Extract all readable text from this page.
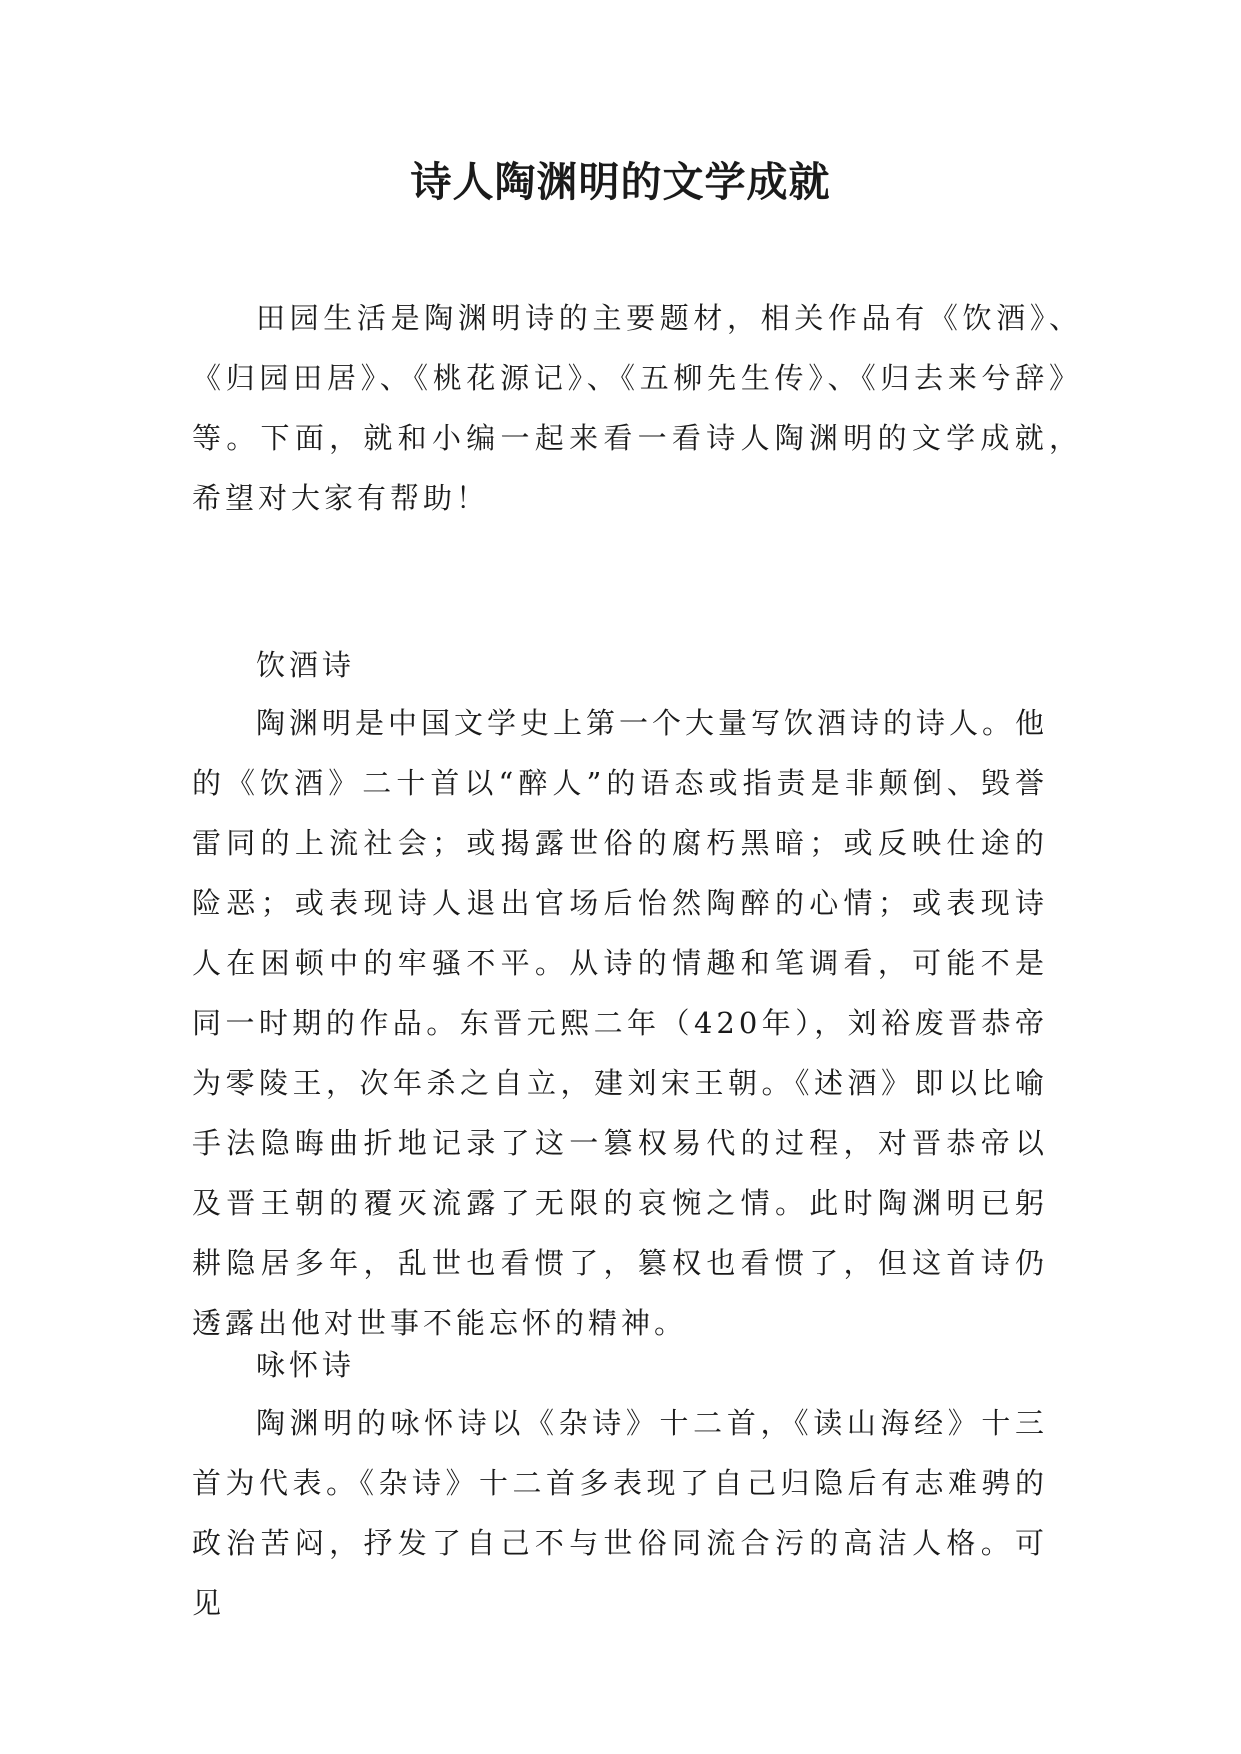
诗人陶渊明的文学成就

田园生活是陶渊明诗的主要题材，相关作品有《饮酒》、《归园田居》、《桃花源记》、《五柳先生传》、《归去来兮辞》等。下面，就和小编一起来看一看诗人陶渊明的文学成就，希望对大家有帮助！

饮酒诗

陶渊明是中国文学史上第一个大量写饮酒诗的诗人。他的《饮酒》二十首以“醉人”的语态或指责是非颠倒、毁誉雷同的上流社会；或揭露世俗的腐朽黑暗；或反映仕途的险恶；或表现诗人退出官场后怡然陶醉的心情；或表现诗人在困顿中的牢骚不平。从诗的情趣和笔调看，可能不是同一时期的作品。东晋元熙二年（420年），刘裕废晋恭帝为零陵王，次年杀之自立，建刘宋王朝。《述酒》即以比喻手法隐晦曲折地记录了这一篡权易代的过程，对晋恭帝以及晋王朝的覆灭流露了无限的哀惋之情。此时陶渊明已躬耕隐居多年，乱世也看惯了，篡权也看惯了，但这首诗仍透露出他对世事不能忘怀的精神。

咏怀诗

陶渊明的咏怀诗以《杂诗》十二首，《读山海经》十三首为代表。《杂诗》十二首多表现了自己归隐后有志难骋的政治苦闷，抒发了自己不与世俗同流合污的高洁人格。可见
